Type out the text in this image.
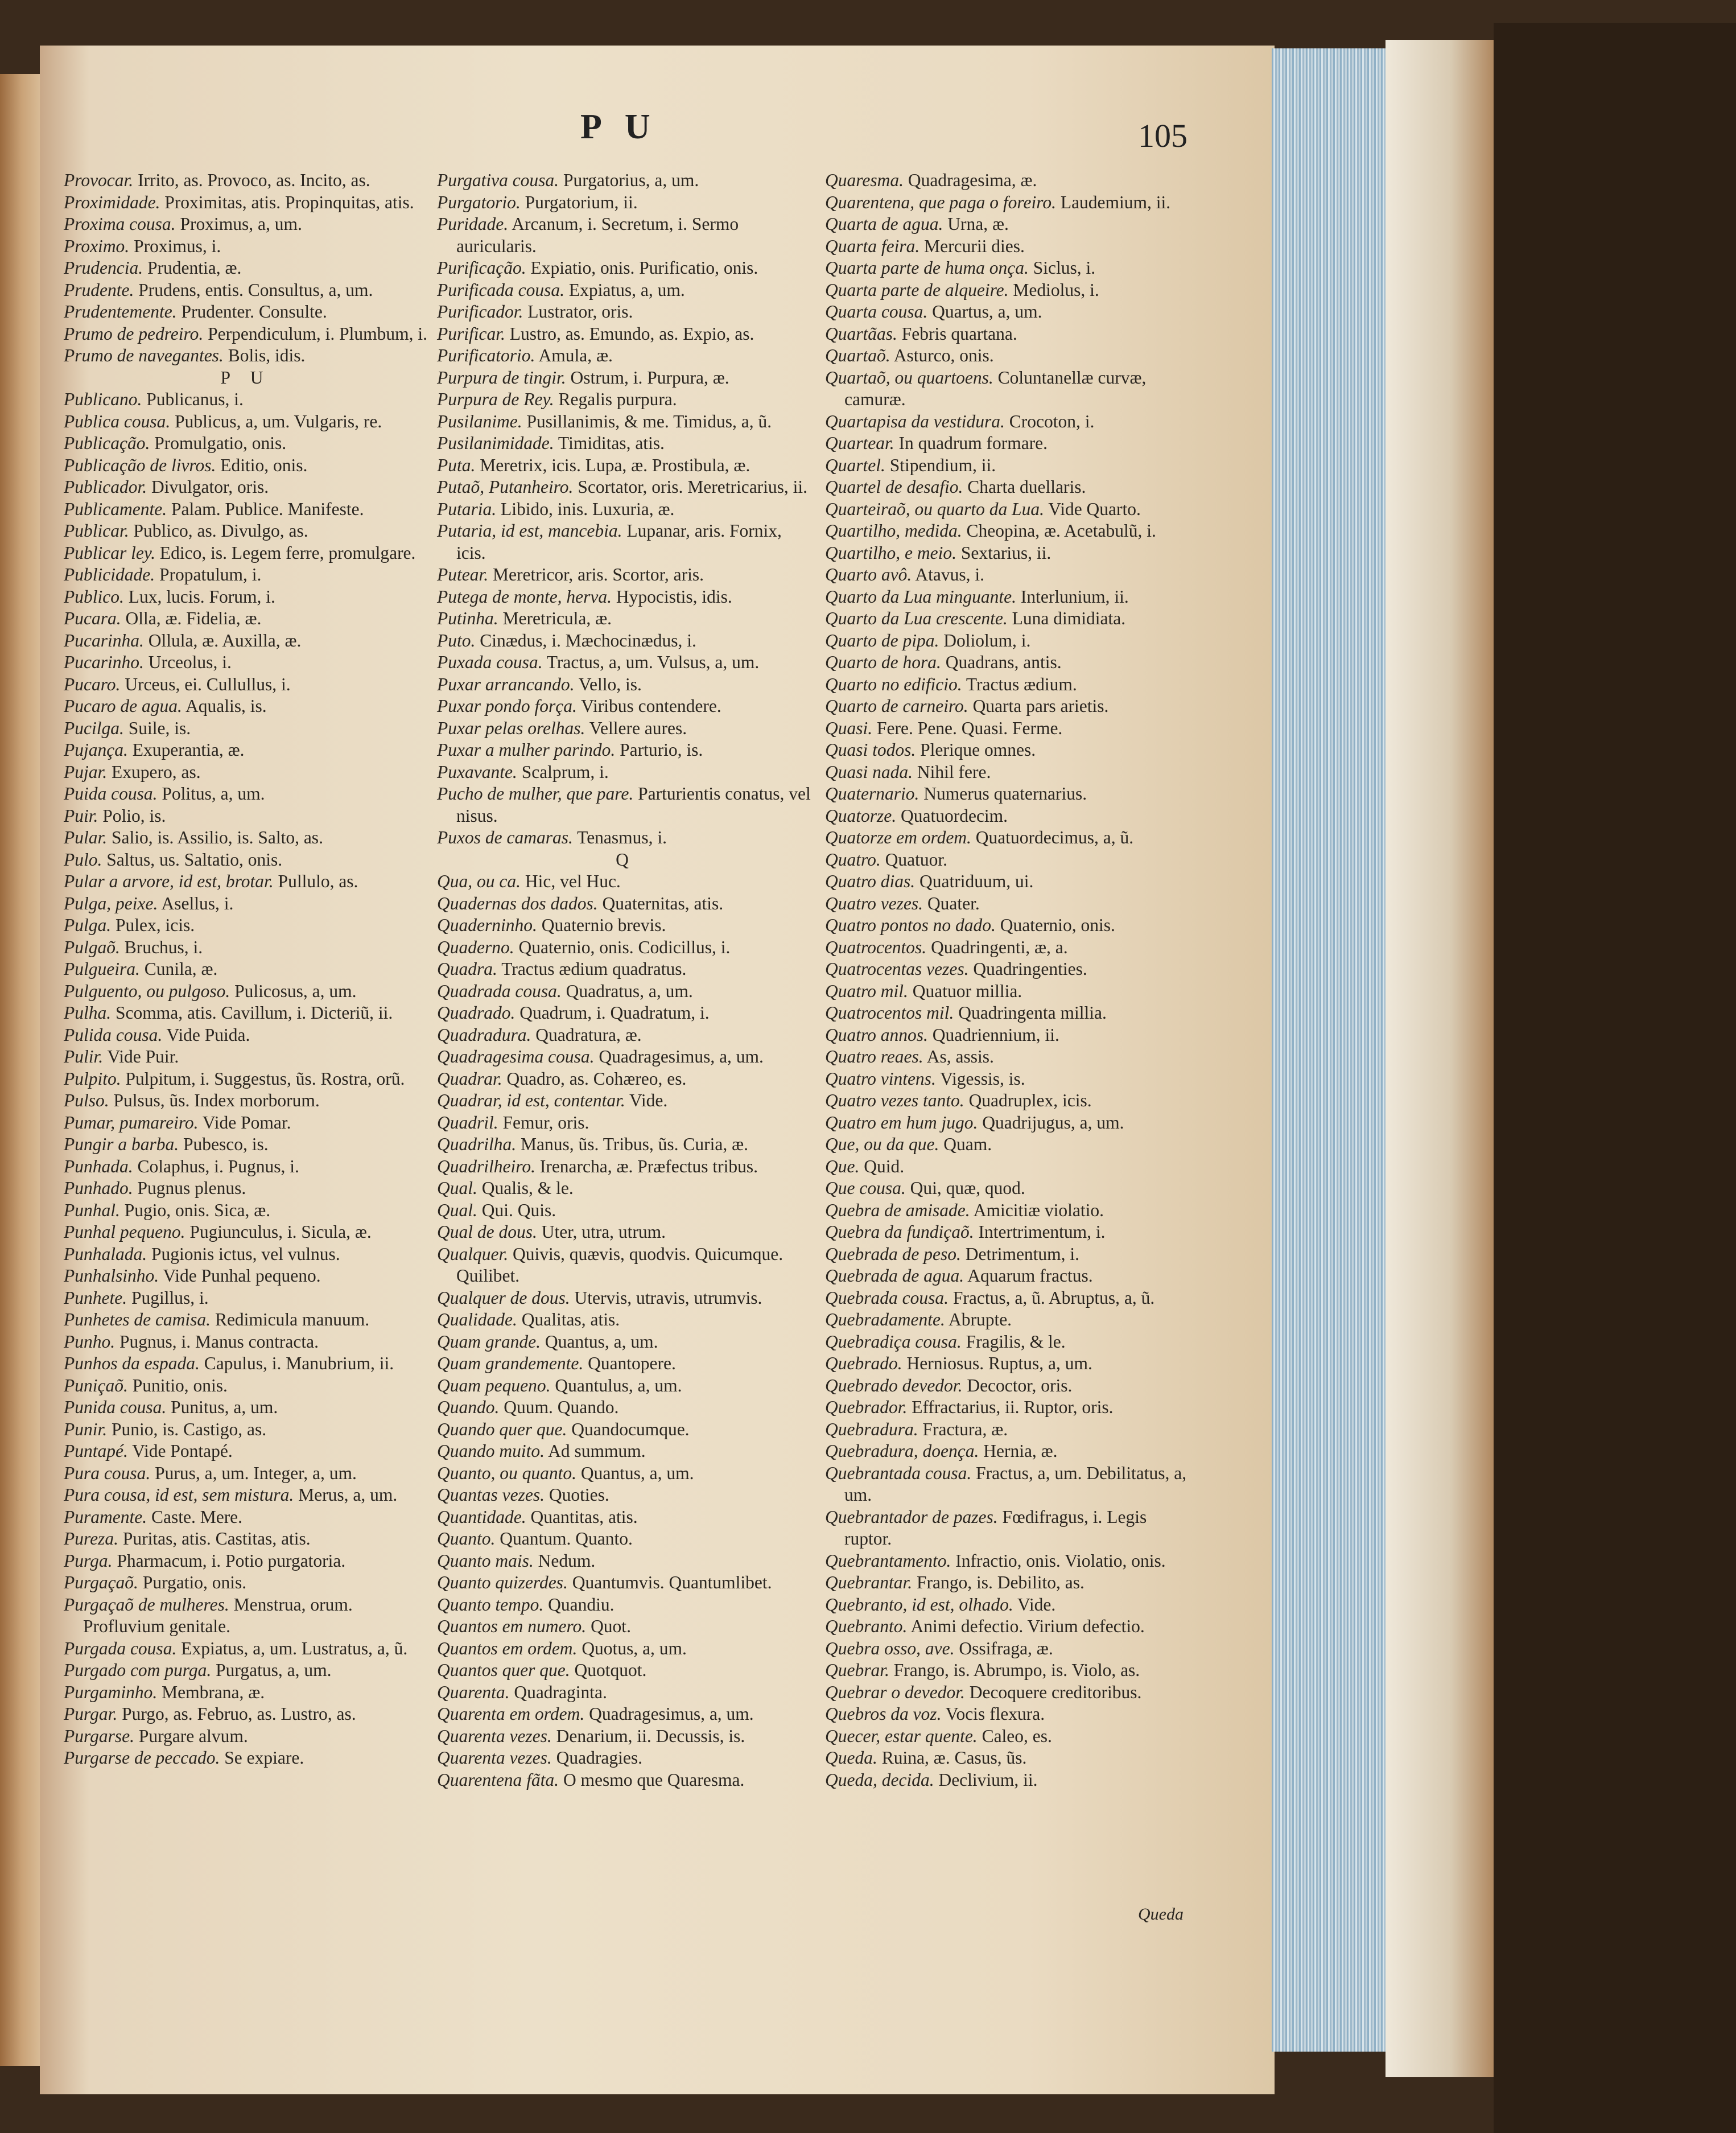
PU	105

Provocar. Irrito, as. Provoco, as. Incito, as.

Proximidade. Proximitas, atis. Propinquitas, atis.

Proxima cousa. Proximus, a, um.

Proximo. Proximus, i.

Prudencia. Prudentia, æ.

Prudente. Prudens, entis. Consultus, a, um.

Prudentemente. Prudenter. Consulte.

Prumo de pedreiro. Perpendiculum, i. Plumbum, i.

Prumo de navegantes. Bolis, idis.

P U

Publicano. Publicanus, i.

Publica cousa. Publicus, a, um. Vulgaris, re.

Publicação. Promulgatio, onis.

Publicação de livros. Editio, onis.

Publicador. Divulgator, oris.

Publicamente. Palam. Publice. Manifeste.

Publicar. Publico, as. Divulgo, as.

Publicar ley. Edico, is. Legem ferre, promulgare.

Publicidade. Propatulum, i.

Publico. Lux, lucis. Forum, i.

Pucara. Olla, æ. Fidelia, æ.

Pucarinha. Ollula, æ. Auxilla, æ.

Pucarinho. Urceolus, i.

Pucaro. Urceus, ei. Cullullus, i.

Pucaro de agua. Aqualis, is.

Pucilga. Suile, is.

Pujança. Exuperantia, æ.

Pujar. Exupero, as.

Puida cousa. Politus, a, um.

Puir. Polio, is.

Pular. Salio, is. Assilio, is. Salto, as.

Pulo. Saltus, us. Saltatio, onis.

Pular a arvore, id est, brotar. Pullulo, as.

Pulga, peixe. Asellus, i.

Pulga. Pulex, icis.

Pulgaõ. Bruchus, i.

Pulgueira. Cunila, æ.

Pulguento, ou pulgoso. Pulicosus, a, um.

Pulha. Scomma, atis. Cavillum, i. Dicteriũ, ii.

Pulida cousa. Vide Puida.

Pulir. Vide Puir.

Pulpito. Pulpitum, i. Suggestus, ũs. Rostra, orũ.

Pulso. Pulsus, ũs. Index morborum.

Pumar, pumareiro. Vide Pomar.

Pungir a barba. Pubesco, is.

Punhada. Colaphus, i. Pugnus, i.

Punhado. Pugnus plenus.

Punhal. Pugio, onis. Sica, æ.

Punhal pequeno. Pugiunculus, i. Sicula, æ.

Punhalada. Pugionis ictus, vel vulnus.

Punhalsinho. Vide Punhal pequeno.

Punhete. Pugillus, i.

Punhetes de camisa. Redimicula manuum.

Punho. Pugnus, i. Manus contracta.

Punhos da espada. Capulus, i. Manubrium, ii.

Puniçaõ. Punitio, onis.

Punida cousa. Punitus, a, um.

Punir. Punio, is. Castigo, as.

Puntapé. Vide Pontapé.

Pura cousa. Purus, a, um. Integer, a, um.

Pura cousa, id est, sem mistura. Merus, a, um.

Puramente. Caste. Mere.

Pureza. Puritas, atis. Castitas, atis.

Purga. Pharmacum, i. Potio purgatoria.

Purgaçaõ. Purgatio, onis.

Purgaçaõ de mulheres. Menstrua, orum. Profluvium genitale.

Purgada cousa. Expiatus, a, um. Lustratus, a, ũ.

Purgado com purga. Purgatus, a, um.

Purgaminho. Membrana, æ.

Purgar. Purgo, as. Februo, as. Lustro, as.

Purgarse. Purgare alvum.

Purgarse de peccado. Se expiare.

Purgativa cousa. Purgatorius, a, um.

Purgatorio. Purgatorium, ii.

Puridade. Arcanum, i. Secretum, i. Sermo auricularis.

Purificação. Expiatio, onis. Purificatio, onis.

Purificada cousa. Expiatus, a, um.

Purificador. Lustrator, oris.

Purificar. Lustro, as. Emundo, as. Expio, as.

Purificatorio. Amula, æ.

Purpura de tingir. Ostrum, i. Purpura, æ.

Purpura de Rey. Regalis purpura.

Pusilanime. Pusillanimis, & me. Timidus, a, ũ.

Pusilanimidade. Timiditas, atis.

Puta. Meretrix, icis. Lupa, æ. Prostibula, æ.

Putaõ, Putanheiro. Scortator, oris. Meretricarius, ii.

Putaria. Libido, inis. Luxuria, æ.

Putaria, id est, mancebia. Lupanar, aris. Fornix, icis.

Putear. Meretricor, aris. Scortor, aris.

Putega de monte, herva. Hypocistis, idis.

Putinha. Meretricula, æ.

Puto. Cinædus, i. Mæchocinædus, i.

Puxada cousa. Tractus, a, um. Vulsus, a, um.

Puxar arrancando. Vello, is.

Puxar pondo força. Viribus contendere.

Puxar pelas orelhas. Vellere aures.

Puxar a mulher parindo. Parturio, is.

Puxavante. Scalprum, i.

Pucho de mulher, que pare. Parturientis conatus, vel nisus.

Puxos de camaras. Tenasmus, i.

Q

Qua, ou ca. Hic, vel Huc.

Quadernas dos dados. Quaternitas, atis.

Quaderninho. Quaternio brevis.

Quaderno. Quaternio, onis. Codicillus, i.

Quadra. Tractus ædium quadratus.

Quadrada cousa. Quadratus, a, um.

Quadrado. Quadrum, i. Quadratum, i.

Quadradura. Quadratura, æ.

Quadragesima cousa. Quadragesimus, a, um.

Quadrar. Quadro, as. Cohæreo, es.

Quadrar, id est, contentar. Vide.

Quadril. Femur, oris.

Quadrilha. Manus, ũs. Tribus, ũs. Curia, æ.

Quadrilheiro. Irenarcha, æ. Præfectus tribus.

Qual. Qualis, & le.

Qual. Qui. Quis.

Qual de dous. Uter, utra, utrum.

Qualquer. Quivis, quævis, quodvis. Quicumque. Quilibet.

Qualquer de dous. Utervis, utravis, utrumvis.

Qualidade. Qualitas, atis.

Quam grande. Quantus, a, um.

Quam grandemente. Quantopere.

Quam pequeno. Quantulus, a, um.

Quando. Quum. Quando.

Quando quer que. Quandocumque.

Quando muito. Ad summum.

Quanto, ou quanto. Quantus, a, um.

Quantas vezes. Quoties.

Quantidade. Quantitas, atis.

Quanto. Quantum. Quanto.

Quanto mais. Nedum.

Quanto quizerdes. Quantumvis. Quantumlibet.

Quanto tempo. Quandiu.

Quantos em numero. Quot.

Quantos em ordem. Quotus, a, um.

Quantos quer que. Quotquot.

Quarenta. Quadraginta.

Quarenta em ordem. Quadragesimus, a, um.

Quarenta vezes. Denarium, ii. Decussis, is.

Quarenta vezes. Quadragies.

Quarentena fãta. O mesmo que Quaresma.

Quaresma. Quadragesima, æ.

Quarentena, que paga o foreiro. Laudemium, ii.

Quarta de agua. Urna, æ.

Quarta feira. Mercurii dies.

Quarta parte de huma onça. Siclus, i.

Quarta parte de alqueire. Mediolus, i.

Quarta cousa. Quartus, a, um.

Quartãas. Febris quartana.

Quartaõ. Asturco, onis.

Quartaõ, ou quartoens. Coluntanellæ curvæ, camuræ.

Quartapisa da vestidura. Crocoton, i.

Quartear. In quadrum formare.

Quartel. Stipendium, ii.

Quartel de desafio. Charta duellaris.

Quarteiraõ, ou quarto da Lua. Vide Quarto.

Quartilho, medida. Cheopina, æ. Acetabulũ, i.

Quartilho, e meio. Sextarius, ii.

Quarto avô. Atavus, i.

Quarto da Lua minguante. Interlunium, ii.

Quarto da Lua crescente. Luna dimidiata.

Quarto de pipa. Doliolum, i.

Quarto de hora. Quadrans, antis.

Quarto no edificio. Tractus ædium.

Quarto de carneiro. Quarta pars arietis.

Quasi. Fere. Pene. Quasi. Ferme.

Quasi todos. Plerique omnes.

Quasi nada. Nihil fere.

Quaternario. Numerus quaternarius.

Quatorze. Quatuordecim.

Quatorze em ordem. Quatuordecimus, a, ũ.

Quatro. Quatuor.

Quatro dias. Quatriduum, ui.

Quatro vezes. Quater.

Quatro pontos no dado. Quaternio, onis.

Quatrocentos. Quadringenti, æ, a.

Quatrocentas vezes. Quadringenties.

Quatro mil. Quatuor millia.

Quatrocentos mil. Quadringenta millia.

Quatro annos. Quadriennium, ii.

Quatro reaes. As, assis.

Quatro vintens. Vigessis, is.

Quatro vezes tanto. Quadruplex, icis.

Quatro em hum jugo. Quadrijugus, a, um.

Que, ou da que. Quam.

Que. Quid.

Que cousa. Qui, quæ, quod.

Quebra de amisade. Amicitiæ violatio.

Quebra da fundiçaõ. Intertrimentum, i.

Quebrada de peso. Detrimentum, i.

Quebrada de agua. Aquarum fractus.

Quebrada cousa. Fractus, a, ũ. Abruptus, a, ũ.

Quebradamente. Abrupte.

Quebradiça cousa. Fragilis, & le.

Quebrado. Herniosus. Ruptus, a, um.

Quebrado devedor. Decoctor, oris.

Quebrador. Effractarius, ii. Ruptor, oris.

Quebradura. Fractura, æ.

Quebradura, doença. Hernia, æ.

Quebrantada cousa. Fractus, a, um. Debilitatus, a, um.

Quebrantador de pazes. Fœdifragus, i. Legis ruptor.

Quebrantamento. Infractio, onis. Violatio, onis.

Quebrantar. Frango, is. Debilito, as.

Quebranto, id est, olhado. Vide.

Quebranto. Animi defectio. Virium defectio.

Quebra osso, ave. Ossifraga, æ.

Quebrar. Frango, is. Abrumpo, is. Violo, as.

Quebrar o devedor. Decoquere creditoribus.

Quebros da voz. Vocis flexura.

Quecer, estar quente. Caleo, es.

Queda. Ruina, æ. Casus, ũs.

Queda, decida. Declivium, ii.

Queda
